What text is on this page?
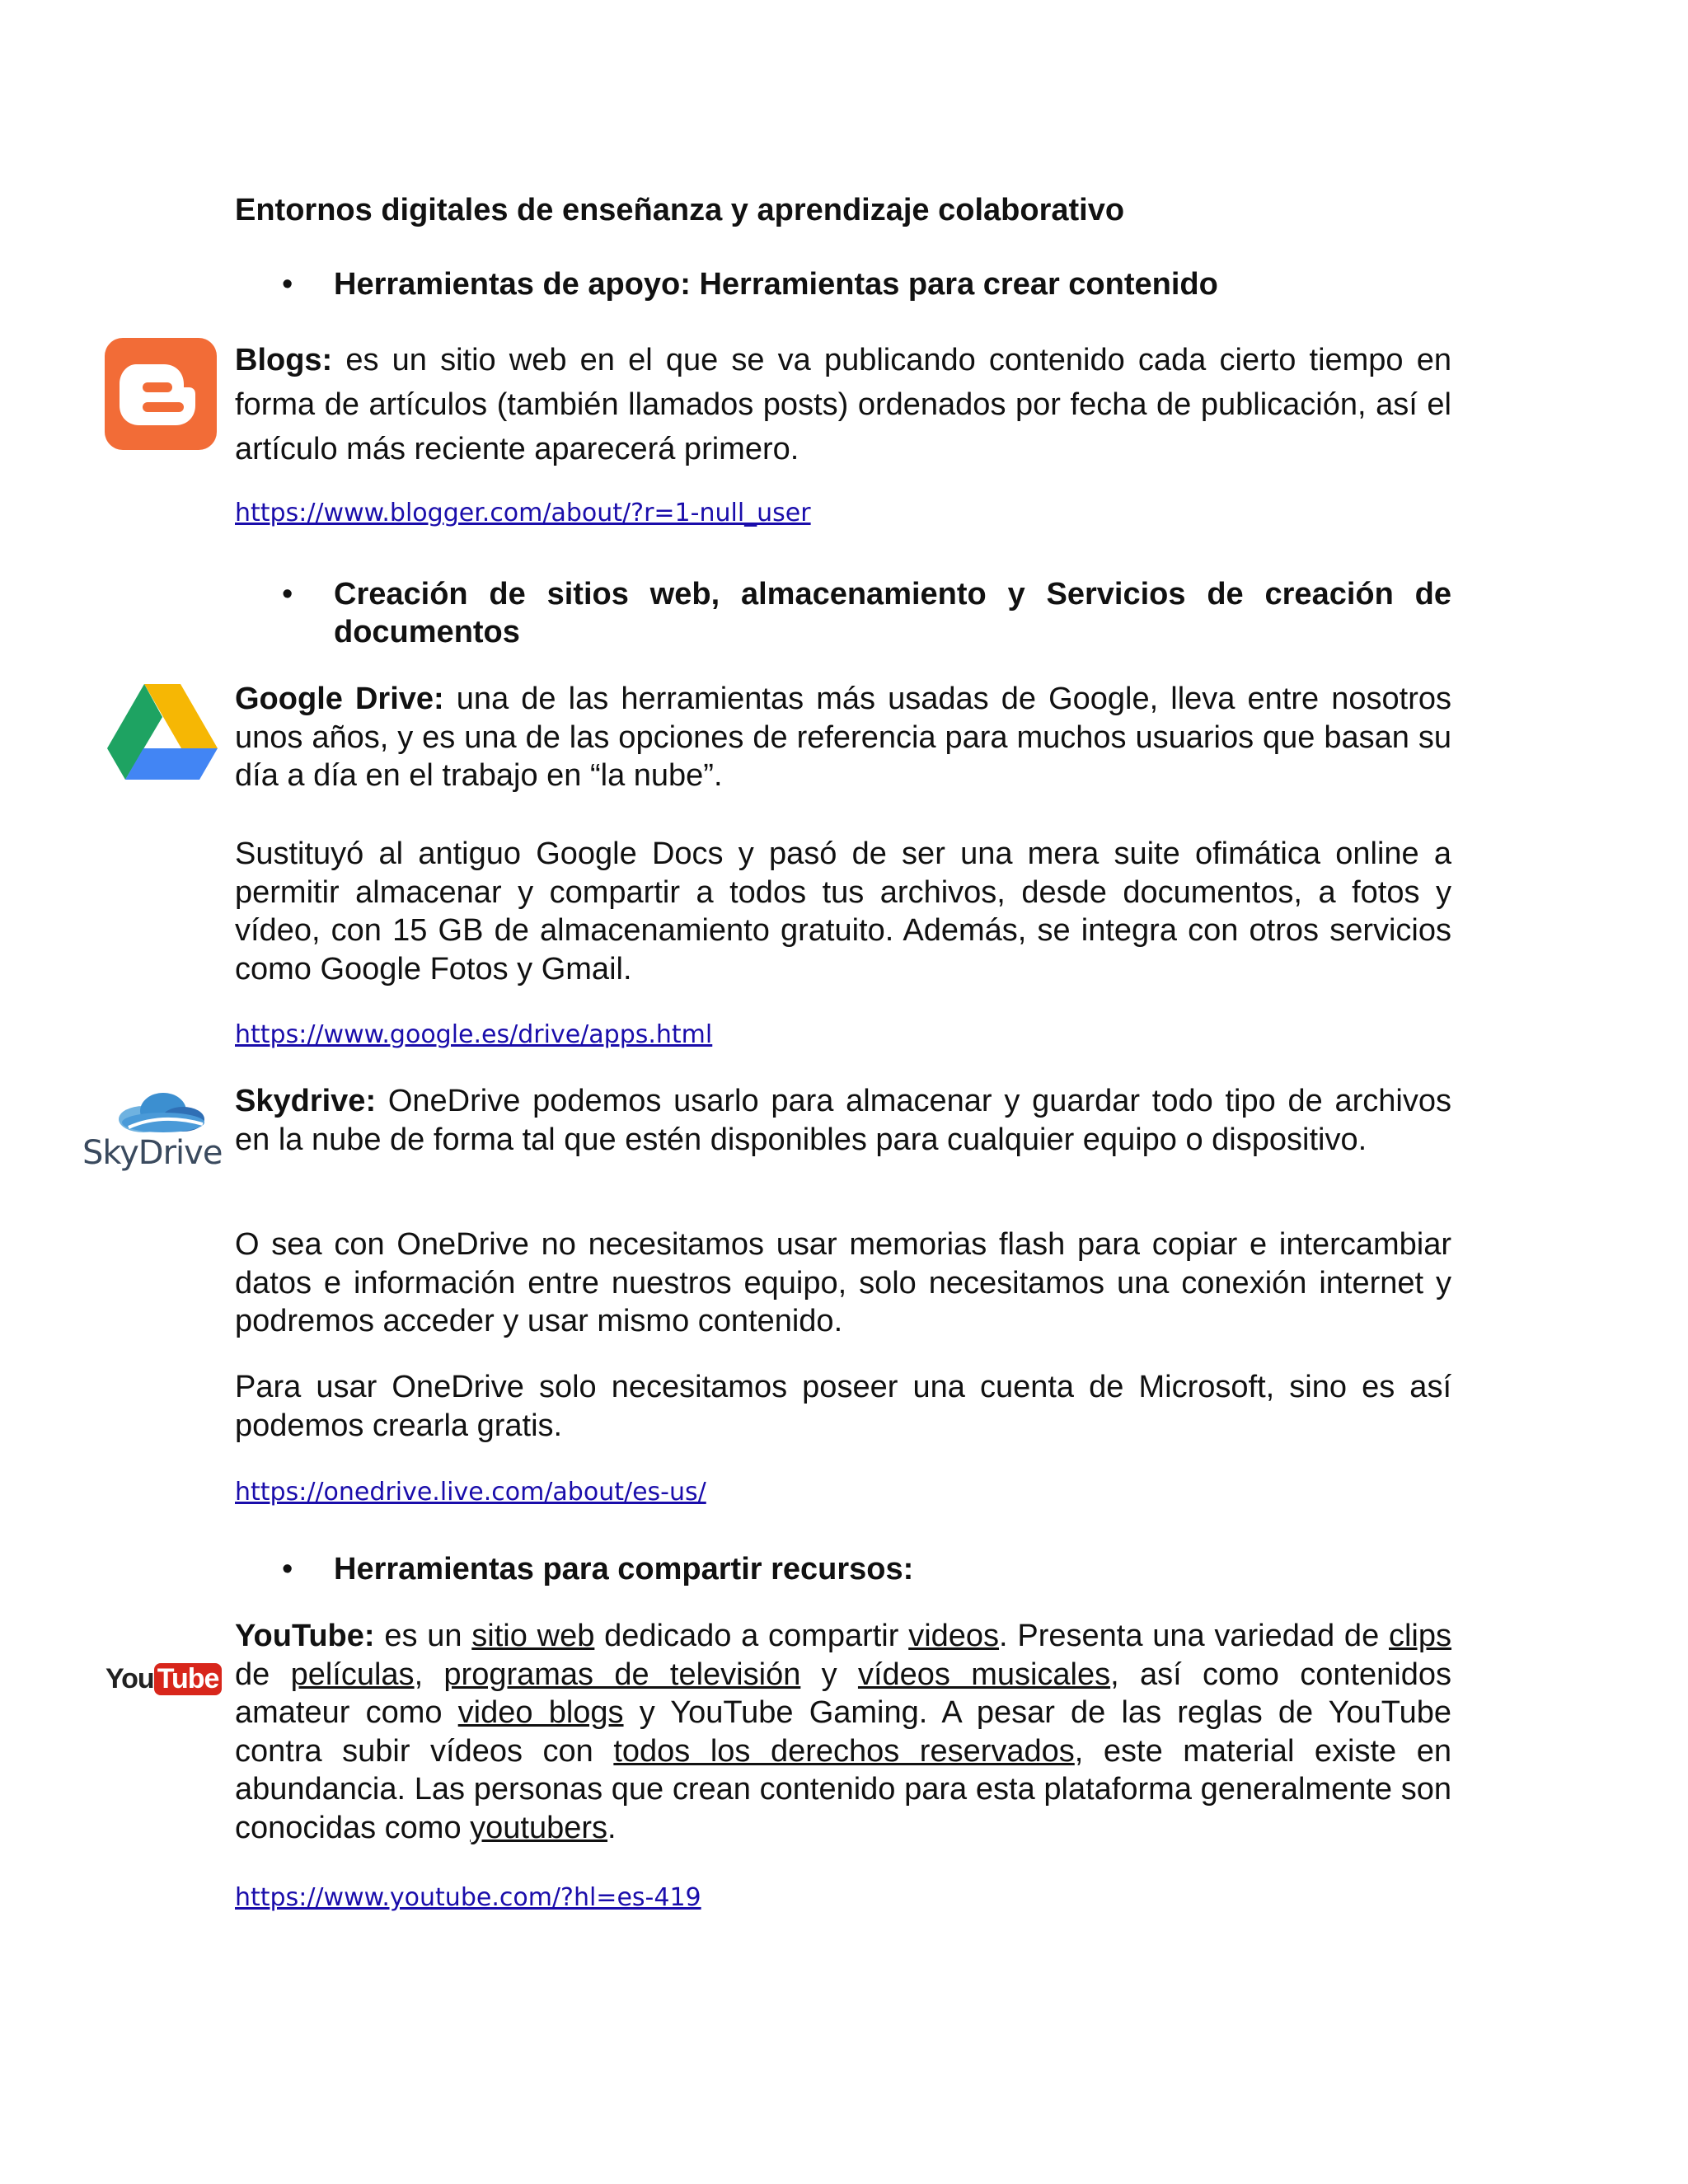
Entornos digitales de enseñanza y aprendizaje colaborativo
• Herramientas de apoyo: Herramientas para crear contenido

Blogs: es un sitio web en el que se va publicando contenido cada cierto tiempo en forma de artículos (también llamados posts) ordenados por fecha de publicación, así el artículo más reciente aparecerá primero.

https://www.blogger.com/about/?r=1-null_user
• Creación de sitios web, almacenamiento y Servicios de creación de documentos

Google Drive: una de las herramientas más usadas de Google, lleva entre nosotros unos años, y es una de las opciones de referencia para muchos usuarios que basan su día a día en el trabajo en “la nube”.

Sustituyó al antiguo Google Docs y pasó de ser una mera suite ofimática online a permitir almacenar y compartir a todos tus archivos, desde documentos, a fotos y vídeo, con 15 GB de almacenamiento gratuito. Además, se integra con otros servicios como Google Fotos y Gmail.

https://www.google.es/drive/apps.html
SkyDrive

Skydrive: OneDrive podemos usarlo para almacenar y guardar todo tipo de archivos en la nube de forma tal que estén disponibles para cualquier equipo o dispositivo.

O sea con OneDrive no necesitamos usar memorias flash para copiar e intercambiar datos e información entre nuestros equipo, solo necesitamos una conexión internet y podremos acceder y usar mismo contenido.

Para usar OneDrive solo necesitamos poseer una cuenta de Microsoft, sino es así podemos crearla gratis.

https://onedrive.live.com/about/es-us/
• Herramientas para compartir recursos:
You Tube

YouTube: es un sitio web dedicado a compartir videos. Presenta una variedad de clips de películas, programas de televisión y vídeos musicales, así como contenidos amateur como video blogs y YouTube Gaming. A pesar de las reglas de YouTube contra subir vídeos con todos los derechos reservados, este material existe en abundancia. Las personas que crean contenido para esta plataforma generalmente son conocidas como youtubers.

https://www.youtube.com/?hl=es-419
